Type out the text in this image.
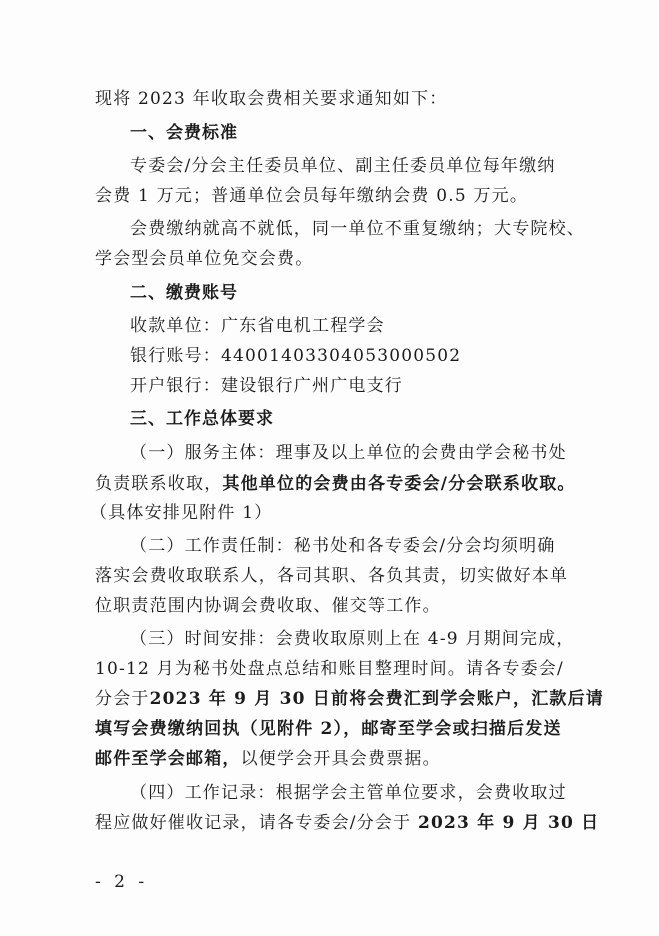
现将 2023 年收取会费相关要求通知如下：
一、会费标准
专委会/分会主任委员单位、副主任委员单位每年缴纳
会费 1 万元；普通单位会员每年缴纳会费 0.5 万元。
会费缴纳就高不就低，同一单位不重复缴纳；大专院校、
学会型会员单位免交会费。
二、缴费账号
收款单位：广东省电机工程学会
银行账号：44001403304053000502
开户银行：建设银行广州广电支行
三、工作总体要求
（一）服务主体：理事及以上单位的会费由学会秘书处
负责联系收取，其他单位的会费由各专委会/分会联系收取。
（具体安排见附件 1）
（二）工作责任制：秘书处和各专委会/分会均须明确
落实会费收取联系人，各司其职、各负其责，切实做好本单
位职责范围内协调会费收取、催交等工作。
（三）时间安排：会费收取原则上在 4-9 月期间完成，
10-12 月为秘书处盘点总结和账目整理时间。请各专委会/
分会于2023 年 9 月 30 日前将会费汇到学会账户，汇款后请
填写会费缴纳回执（见附件 2），邮寄至学会或扫描后发送
邮件至学会邮箱，以便学会开具会费票据。
（四）工作记录：根据学会主管单位要求，会费收取过
程应做好催收记录，请各专委会/分会于 2023 年 9 月 30 日
- 2 -
